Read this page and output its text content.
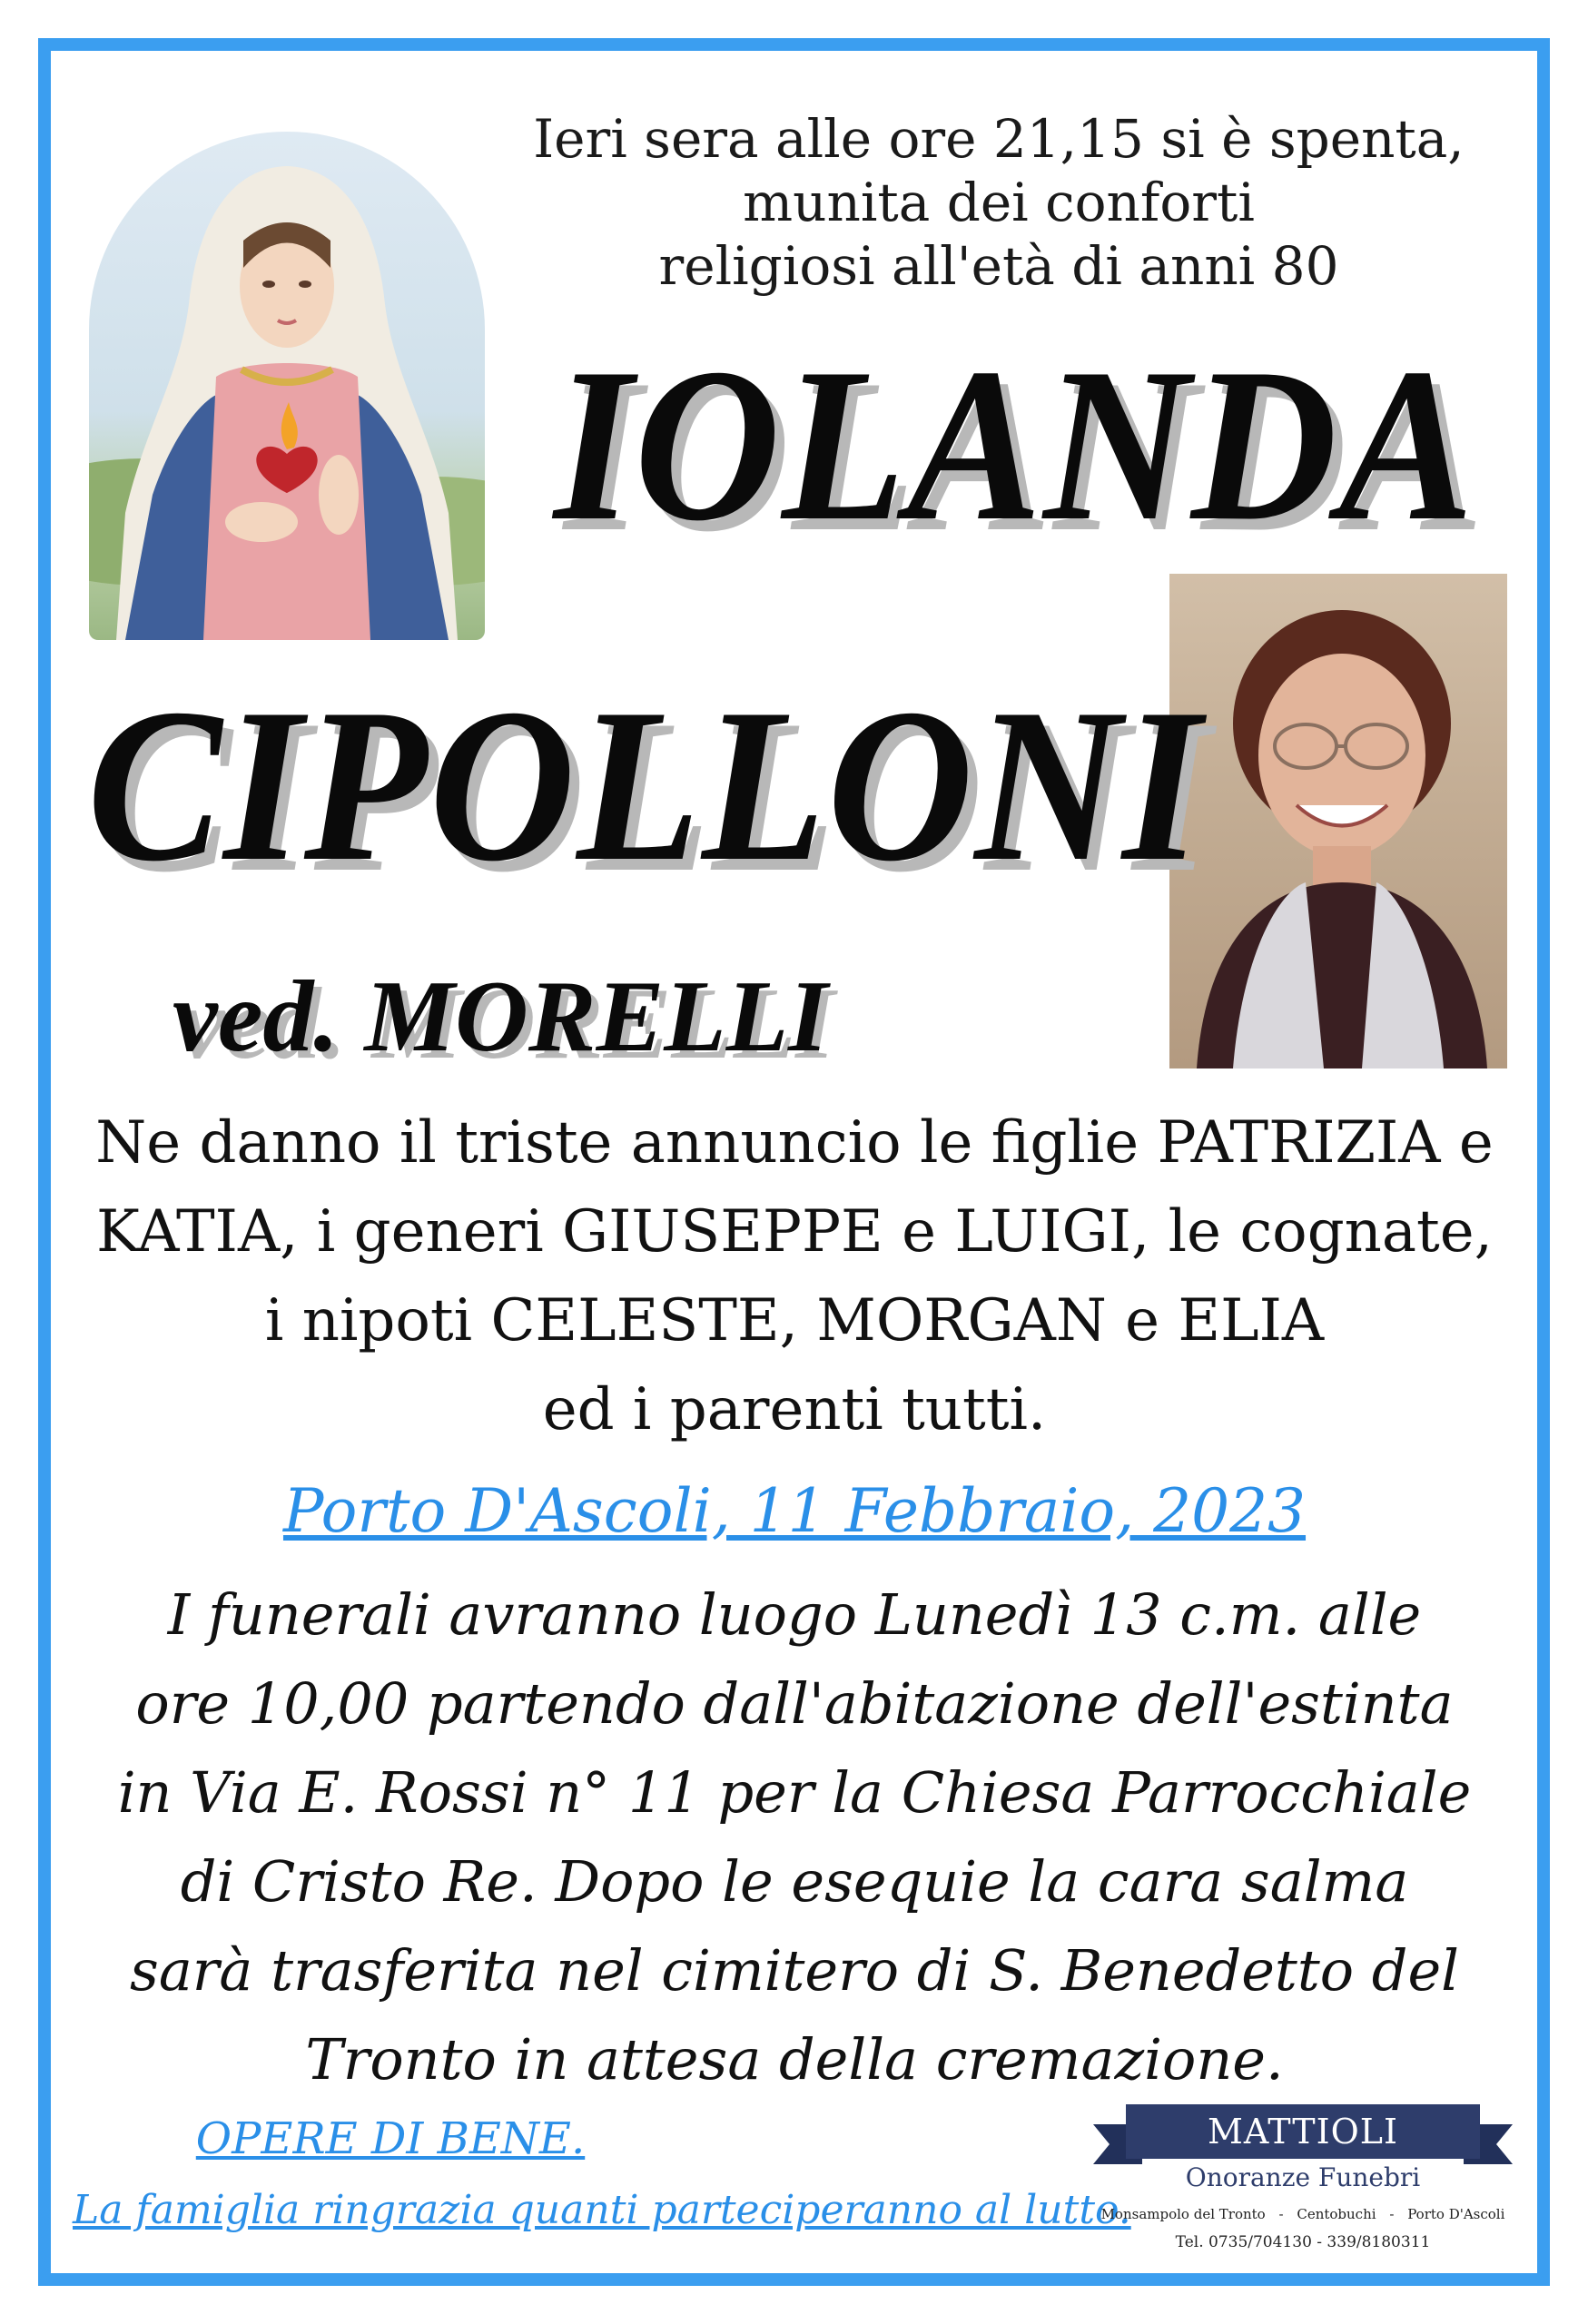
Ieri sera alle ore 21,15 si è spenta,
munita dei conforti
religiosi all'età di anni 80
IOLANDA
CIPOLLONI
ved. MORELLI
Ne danno il triste annuncio le figlie PATRIZIA e
KATIA, i generi GIUSEPPE e LUIGI, le cognate,
i nipoti CELESTE, MORGAN e ELIA
ed i parenti tutti.
Porto D'Ascoli, 11 Febbraio, 2023
I funerali avranno luogo Lunedì 13 c.m. alle
ore 10,00 partendo dall'abitazione dell'estinta
in Via E. Rossi n° 11 per la Chiesa Parrocchiale
di Cristo Re. Dopo le esequie la cara salma
sarà trasferita nel cimitero di S. Benedetto del
Tronto in attesa della cremazione.
OPERE DI BENE.
La famiglia ringrazia quanti parteciperanno al lutto.
MATTIOLI
Onoranze Funebri
Monsampolo del Tronto - Centobuchi - Porto D'Ascoli
Tel. 0735/704130 - 339/8180311
